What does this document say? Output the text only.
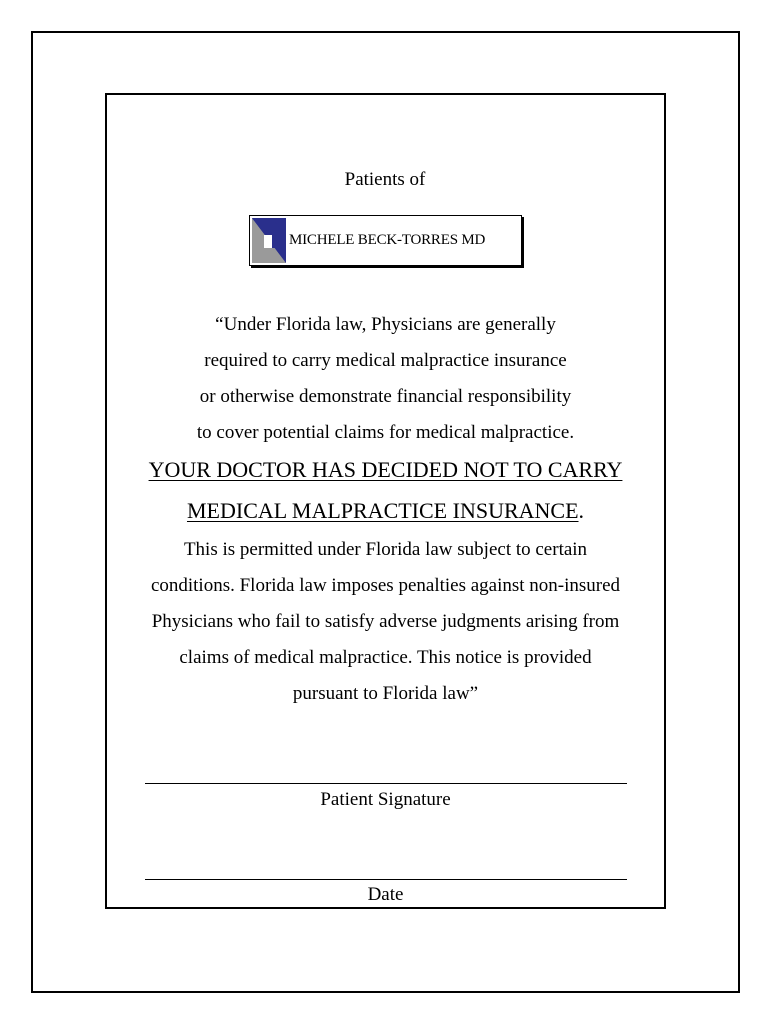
Patients of
MICHELE BECK-TORRES MD
“Under Florida law, Physicians are generally
required to carry medical malpractice insurance
or otherwise demonstrate financial responsibility
to cover potential claims for medical malpractice.
YOUR DOCTOR HAS DECIDED NOT TO CARRY
MEDICAL MALPRACTICE INSURANCE.
This is permitted under Florida law subject to certain
conditions. Florida law imposes penalties against non-insured
Physicians who fail to satisfy adverse judgments arising from
claims of medical malpractice. This notice is provided
pursuant to Florida law”
Patient Signature
Date
